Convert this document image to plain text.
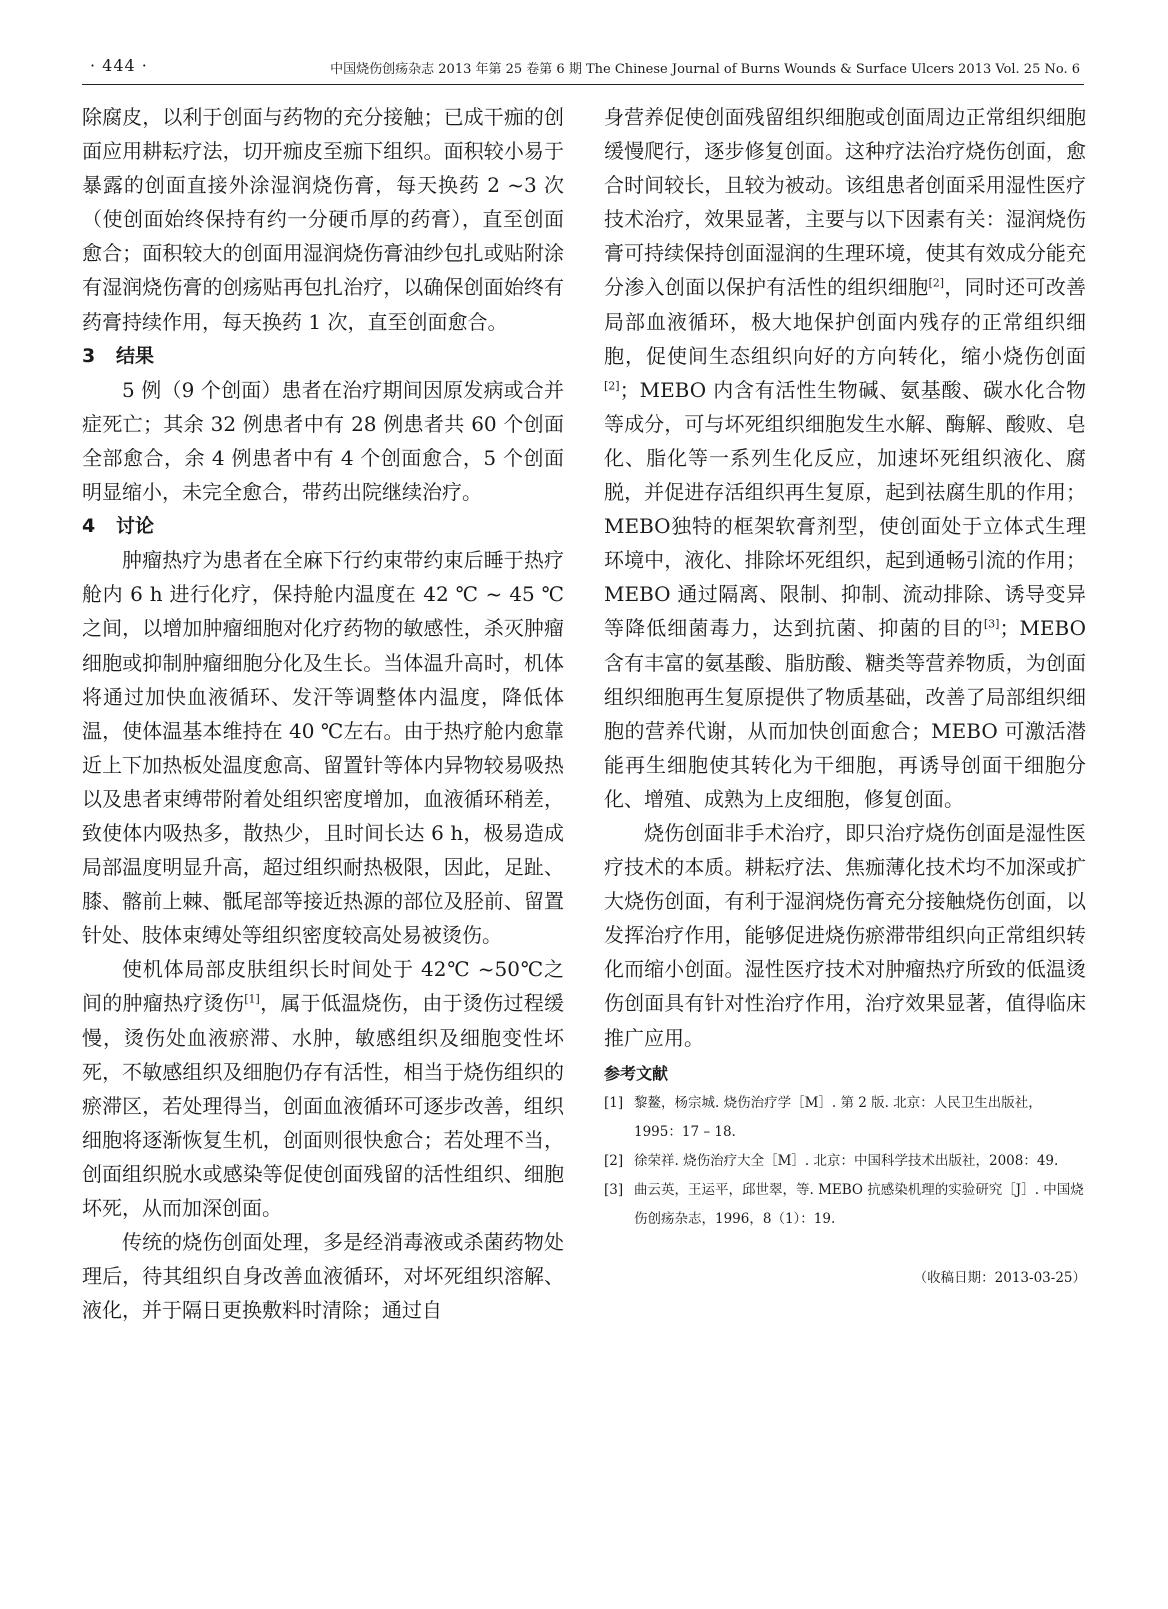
· 444 ·	中国烧伤创疡杂志 2013 年第 25 卷第 6 期 The Chinese Journal of Burns Wounds & Surface Ulcers 2013 Vol. 25 No. 6

除腐皮，以利于创面与药物的充分接触；已成干痂的创面应用耕耘疗法，切开痂皮至痂下组织。面积较小易于暴露的创面直接外涂湿润烧伤膏，每天换药 2 ~3 次（使创面始终保持有约一分硬币厚的药膏），直至创面愈合；面积较大的创面用湿润烧伤膏油纱包扎或贴附涂有湿润烧伤膏的创疡贴再包扎治疗，以确保创面始终有药膏持续作用，每天换药 1 次，直至创面愈合。

3 结果

5 例（9 个创面）患者在治疗期间因原发病或合并症死亡；其余 32 例患者中有 28 例患者共 60 个创面全部愈合，余 4 例患者中有 4 个创面愈合，5 个创面明显缩小，未完全愈合，带药出院继续治疗。

4 讨论

肿瘤热疗为患者在全麻下行约束带约束后睡于热疗舱内 6 h 进行化疗，保持舱内温度在 42 ℃ ~ 45 ℃之间，以增加肿瘤细胞对化疗药物的敏感性，杀灭肿瘤细胞或抑制肿瘤细胞分化及生长。当体温升高时，机体将通过加快血液循环、发汗等调整体内温度，降低体温，使体温基本维持在 40 ℃左右。由于热疗舱内愈靠近上下加热板处温度愈高、留置针等体内异物较易吸热以及患者束缚带附着处组织密度增加，血液循环稍差，致使体内吸热多，散热少，且时间长达 6 h，极易造成局部温度明显升高，超过组织耐热极限，因此，足趾、膝、髂前上棘、骶尾部等接近热源的部位及胫前、留置针处、肢体束缚处等组织密度较高处易被烫伤。

使机体局部皮肤组织长时间处于 42℃ ~50℃之间的肿瘤热疗烫伤[1]，属于低温烧伤，由于烫伤过程缓慢，烫伤处血液瘀滞、水肿，敏感组织及细胞变性坏死，不敏感组织及细胞仍存有活性，相当于烧伤组织的瘀滞区，若处理得当，创面血液循环可逐步改善，组织细胞将逐渐恢复生机，创面则很快愈合；若处理不当，创面组织脱水或感染等促使创面残留的活性组织、细胞坏死，从而加深创面。

传统的烧伤创面处理，多是经消毒液或杀菌药物处理后，待其组织自身改善血液循环，对坏死组织溶解、液化，并于隔日更换敷料时清除；通过自

身营养促使创面残留组织细胞或创面周边正常组织细胞缓慢爬行，逐步修复创面。这种疗法治疗烧伤创面，愈合时间较长，且较为被动。该组患者创面采用湿性医疗技术治疗，效果显著，主要与以下因素有关：湿润烧伤膏可持续保持创面湿润的生理环境，使其有效成分能充分渗入创面以保护有活性的组织细胞[2]，同时还可改善局部血液循环，极大地保护创面内残存的正常组织细胞，促使间生态组织向好的方向转化，缩小烧伤创面[2]；MEBO 内含有活性生物碱、氨基酸、碳水化合物等成分，可与坏死组织细胞发生水解、酶解、酸败、皂化、脂化等一系列生化反应，加速坏死组织液化、腐脱，并促进存活组织再生复原，起到祛腐生肌的作用；MEBO独特的框架软膏剂型，使创面处于立体式生理环境中，液化、排除坏死组织，起到通畅引流的作用；MEBO 通过隔离、限制、抑制、流动排除、诱导变异等降低细菌毒力，达到抗菌、抑菌的目的[3]；MEBO 含有丰富的氨基酸、脂肪酸、糖类等营养物质，为创面组织细胞再生复原提供了物质基础，改善了局部组织细胞的营养代谢，从而加快创面愈合；MEBO 可激活潜能再生细胞使其转化为干细胞，再诱导创面干细胞分化、增殖、成熟为上皮细胞，修复创面。

烧伤创面非手术治疗，即只治疗烧伤创面是湿性医疗技术的本质。耕耘疗法、焦痂薄化技术均不加深或扩大烧伤创面，有利于湿润烧伤膏充分接触烧伤创面，以发挥治疗作用，能够促进烧伤瘀滞带组织向正常组织转化而缩小创面。湿性医疗技术对肿瘤热疗所致的低温烫伤创面具有针对性治疗作用，治疗效果显著，值得临床推广应用。

参考文献
[1] 黎鳌，杨宗城. 烧伤治疗学［M］. 第 2 版. 北京：人民卫生出版社，1995：17 – 18.
[2] 徐荣祥. 烧伤治疗大全［M］. 北京：中国科学技术出版社，2008：49.
[3] 曲云英，王运平，邱世翠，等. MEBO 抗感染机理的实验研究［J］. 中国烧伤创疡杂志，1996，8（1）：19.
（收稿日期：2013-03-25）
